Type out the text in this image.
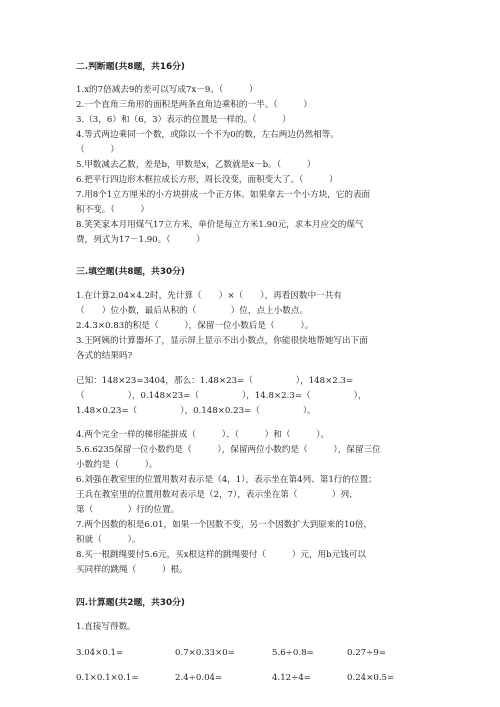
二.判断题(共8题，共16分)
1.x的7倍减去9的差可以写成7x－9。（　　　）
2.一个直角三角形的面积是两条直角边乘积的一半。（　　　）
3.（3，6）和（6，3）表示的位置是一样的。（　　　）
4.等式两边乘同一个数，或除以一个不为0的数，左右两边仍然相等。
（　　　）
5.甲数减去乙数，差是b，甲数是x，乙数就是x－b。（　　　）
6.把平行四边形木框拉成长方形，周长没变，面积变大了。（　　　）
7.用8个1立方厘米的小方块拼成一个正方体。如果拿去一个小方块，它的表面
积不变。（　　　）
8.笑笑家本月用煤气17立方米，单价是每立方米1.90元，求本月应交的煤气
费，列式为17－1.90。（　　　）
三.填空题(共8题，共30分)
1.在计算2.04×4.2时，先计算（　　）×（　　），再看因数中一共有
（　　）位小数，最后从积的（　　　　）位，点上小数点。
2.4.3×0.83的积是（　　　），保留一位小数后是（　　　）。
3.王阿姨的计算器坏了，显示屏上显示不出小数点，你能很快地帮她写出下面
各式的结果吗?
已知：148×23=3404，那么：1.48×23=（　　　　　），148×2.3=
（　　　　　），0.148×23=（　　　　　），14.8×2.3=（　　　　　），
1.48×0.23=（　　　　　），0.148×0.23=（　　　　　）。
4.两个完全一样的梯形能拼成（　　　）、（　　　）和（　　　）。
5.6.6235保留一位小数约是（　　　），保留两位小数约是（　　　），保留三位
小数约是（　　　）。
6.刘强在教室里的位置用数对表示是（4，1），表示坐在第4列、第1行的位置；
王兵在教室里的位置用数对表示是（2，7），表示坐在第（　　　　）列、
第（　　　　）行的位置。
7.两个因数的积是6.01，如果一个因数不变，另一个因数扩大到原来的10倍，
积就（　　　）。
8.买一根跳绳要付5.6元，买x根这样的跳绳要付（　　　）元，用b元钱可以
买同样的跳绳（　　　）根。
四.计算题(共2题，共30分)
1.直接写得数。
3.04×0.1=	0.7×0.33×0=	5.6÷0.8=	0.27÷9=
0.1×0.1×0.1=	2.4÷0.04=	4.12÷4=	0.24×0.5=
